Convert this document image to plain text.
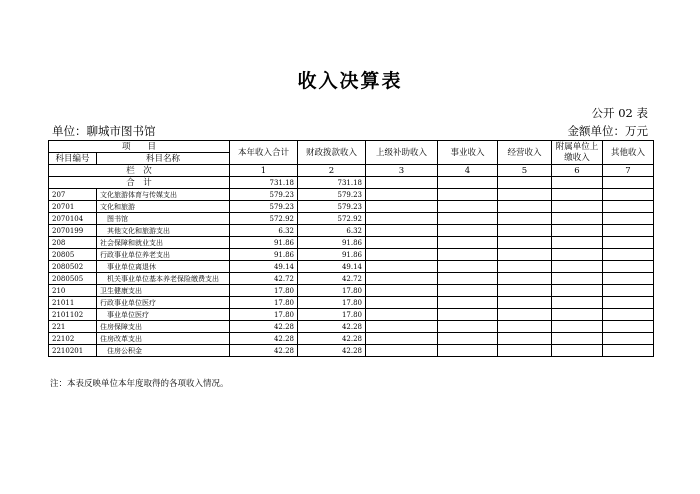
收入决算表
公开 02 表
单位：聊城市图书馆	金额单位：万元
项　　目		本年收入合计	财政拨款收入	上级补助收入	事业收入	经营收入	附属单位上缴收入	其他收入
科目编号	科目名称							
栏　次		1	2	3	4	5	6	7
合　计		731.18	731.18					
207	文化旅游体育与传媒支出	579.23	579.23					
20701	文化和旅游	579.23	579.23					
2070104	图书馆	572.92	572.92					
2070199	其他文化和旅游支出	6.32	6.32					
208	社会保障和就业支出	91.86	91.86					
20805	行政事业单位养老支出	91.86	91.86					
2080502	事业单位离退休	49.14	49.14					
2080505	机关事业单位基本养老保险缴费支出	42.72	42.72					
210	卫生健康支出	17.80	17.80					
21011	行政事业单位医疗	17.80	17.80					
2101102	事业单位医疗	17.80	17.80					
221	住房保障支出	42.28	42.28					
22102	住房改革支出	42.28	42.28					
2210201	住房公积金	42.28	42.28					
注：本表反映单位本年度取得的各项收入情况。
